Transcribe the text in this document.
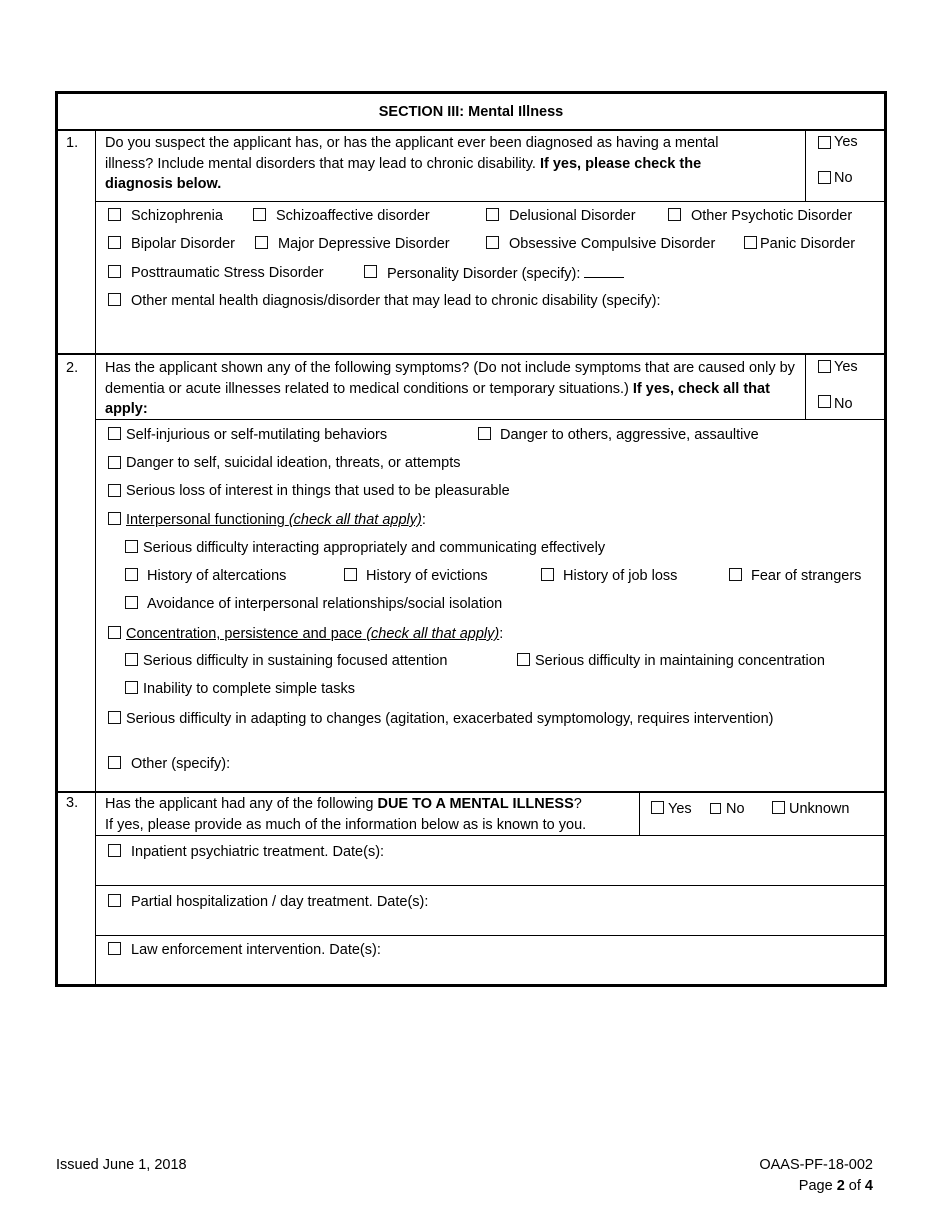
SECTION III: Mental Illness
1. Do you suspect the applicant has, or has the applicant ever been diagnosed as having a mental illness? Include mental disorders that may lead to chronic disability. If yes, please check the diagnosis below.
Yes
No
Schizophrenia	Schizoaffective disorder	Delusional Disorder	Other Psychotic Disorder
Bipolar Disorder	Major Depressive Disorder	Obsessive Compulsive Disorder	Panic Disorder
Posttraumatic Stress Disorder	Personality Disorder (specify):
Other mental health diagnosis/disorder that may lead to chronic disability (specify):
2. Has the applicant shown any of the following symptoms? (Do not include symptoms that are caused only by dementia or acute illnesses related to medical conditions or temporary situations.) If yes, check all that apply:
Yes
No
Self-injurious or self-mutilating behaviors	Danger to others, aggressive, assaultive
Danger to self, suicidal ideation, threats, or attempts
Serious loss of interest in things that used to be pleasurable
Interpersonal functioning (check all that apply):
Serious difficulty interacting appropriately and communicating effectively
History of altercations	History of evictions	History of job loss	Fear of strangers
Avoidance of interpersonal relationships/social isolation
Concentration, persistence and pace (check all that apply):
Serious difficulty in sustaining focused attention	Serious difficulty in maintaining concentration
Inability to complete simple tasks
Serious difficulty in adapting to changes (agitation, exacerbated symptomology, requires intervention)
Other (specify):
3. Has the applicant had any of the following DUE TO A MENTAL ILLNESS?
If yes, please provide as much of the information below as is known to you.
Yes No	Unknown
Inpatient psychiatric treatment. Date(s):
Partial hospitalization / day treatment. Date(s):
Law enforcement intervention. Date(s):
Issued June 1, 2018	OAAS-PF-18-002
Page 2 of 4
